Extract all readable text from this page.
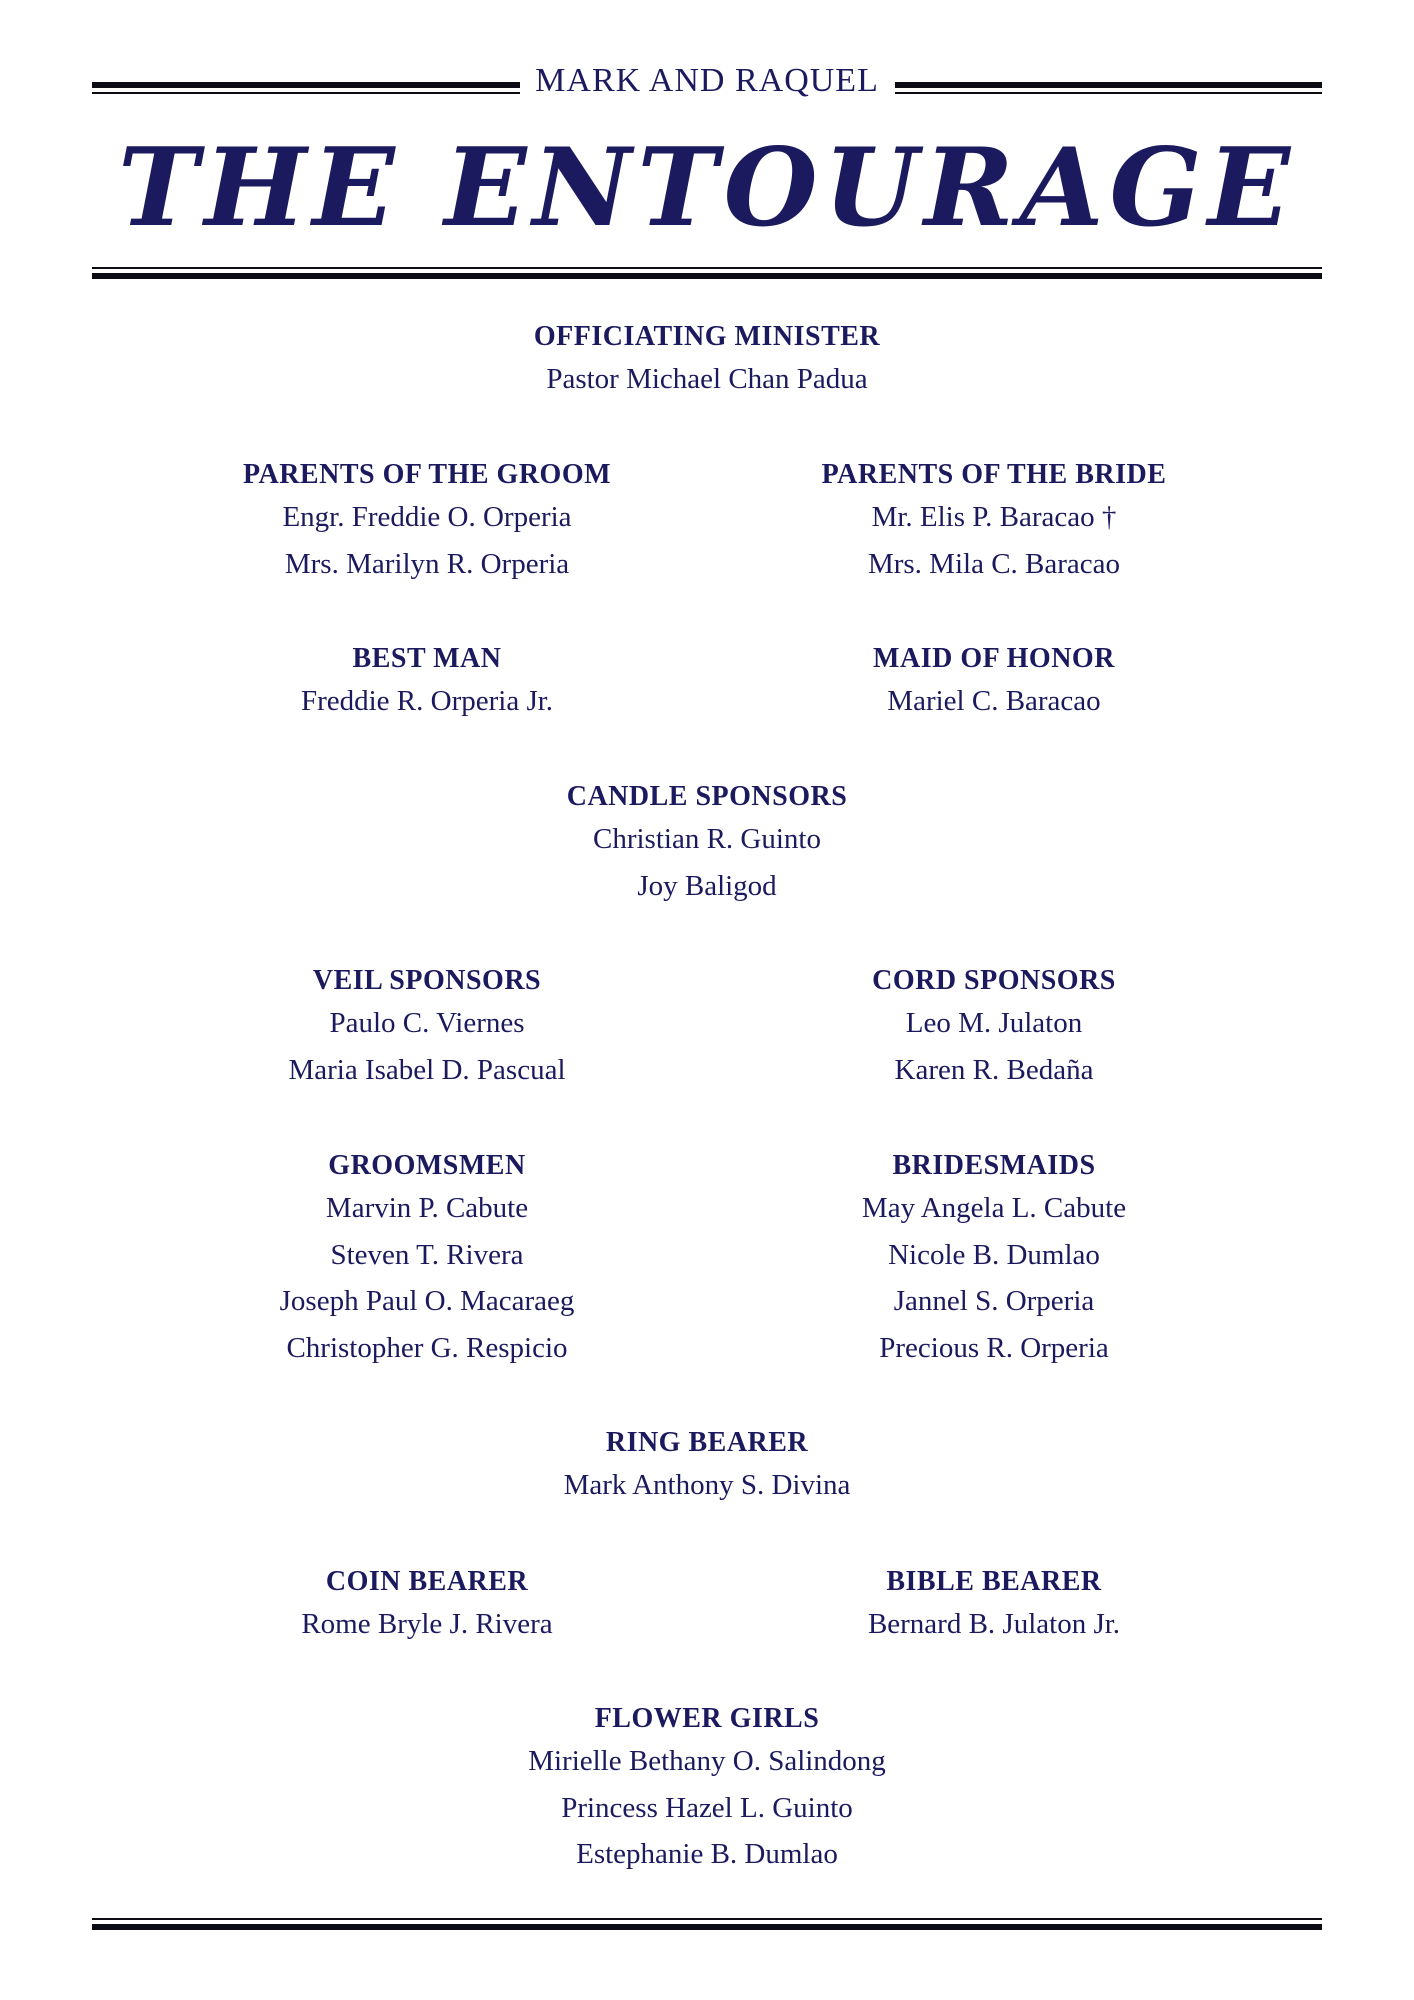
MARK AND RAQUEL
THE ENTOURAGE
OFFICIATING MINISTER
Pastor Michael Chan Padua
PARENTS OF THE GROOM
Engr. Freddie O. Orperia
Mrs. Marilyn R. Orperia
PARENTS OF THE BRIDE
Mr. Elis P. Baracao †
Mrs. Mila C. Baracao
BEST MAN
Freddie R. Orperia Jr.
MAID OF HONOR
Mariel C. Baracao
CANDLE SPONSORS
Christian R. Guinto
Joy Baligod
VEIL SPONSORS
Paulo C. Viernes
Maria Isabel D. Pascual
CORD SPONSORS
Leo M. Julaton
Karen R. Bedaña
GROOMSMEN
Marvin P. Cabute
Steven T. Rivera
Joseph Paul O. Macaraeg
Christopher G. Respicio
BRIDESMAIDS
May Angela L. Cabute
Nicole B. Dumlao
Jannel S. Orperia
Precious R. Orperia
RING BEARER
Mark Anthony S. Divina
COIN BEARER
Rome Bryle J. Rivera
BIBLE BEARER
Bernard B. Julaton Jr.
FLOWER GIRLS
Mirielle Bethany O. Salindong
Princess Hazel L. Guinto
Estephanie B. Dumlao
